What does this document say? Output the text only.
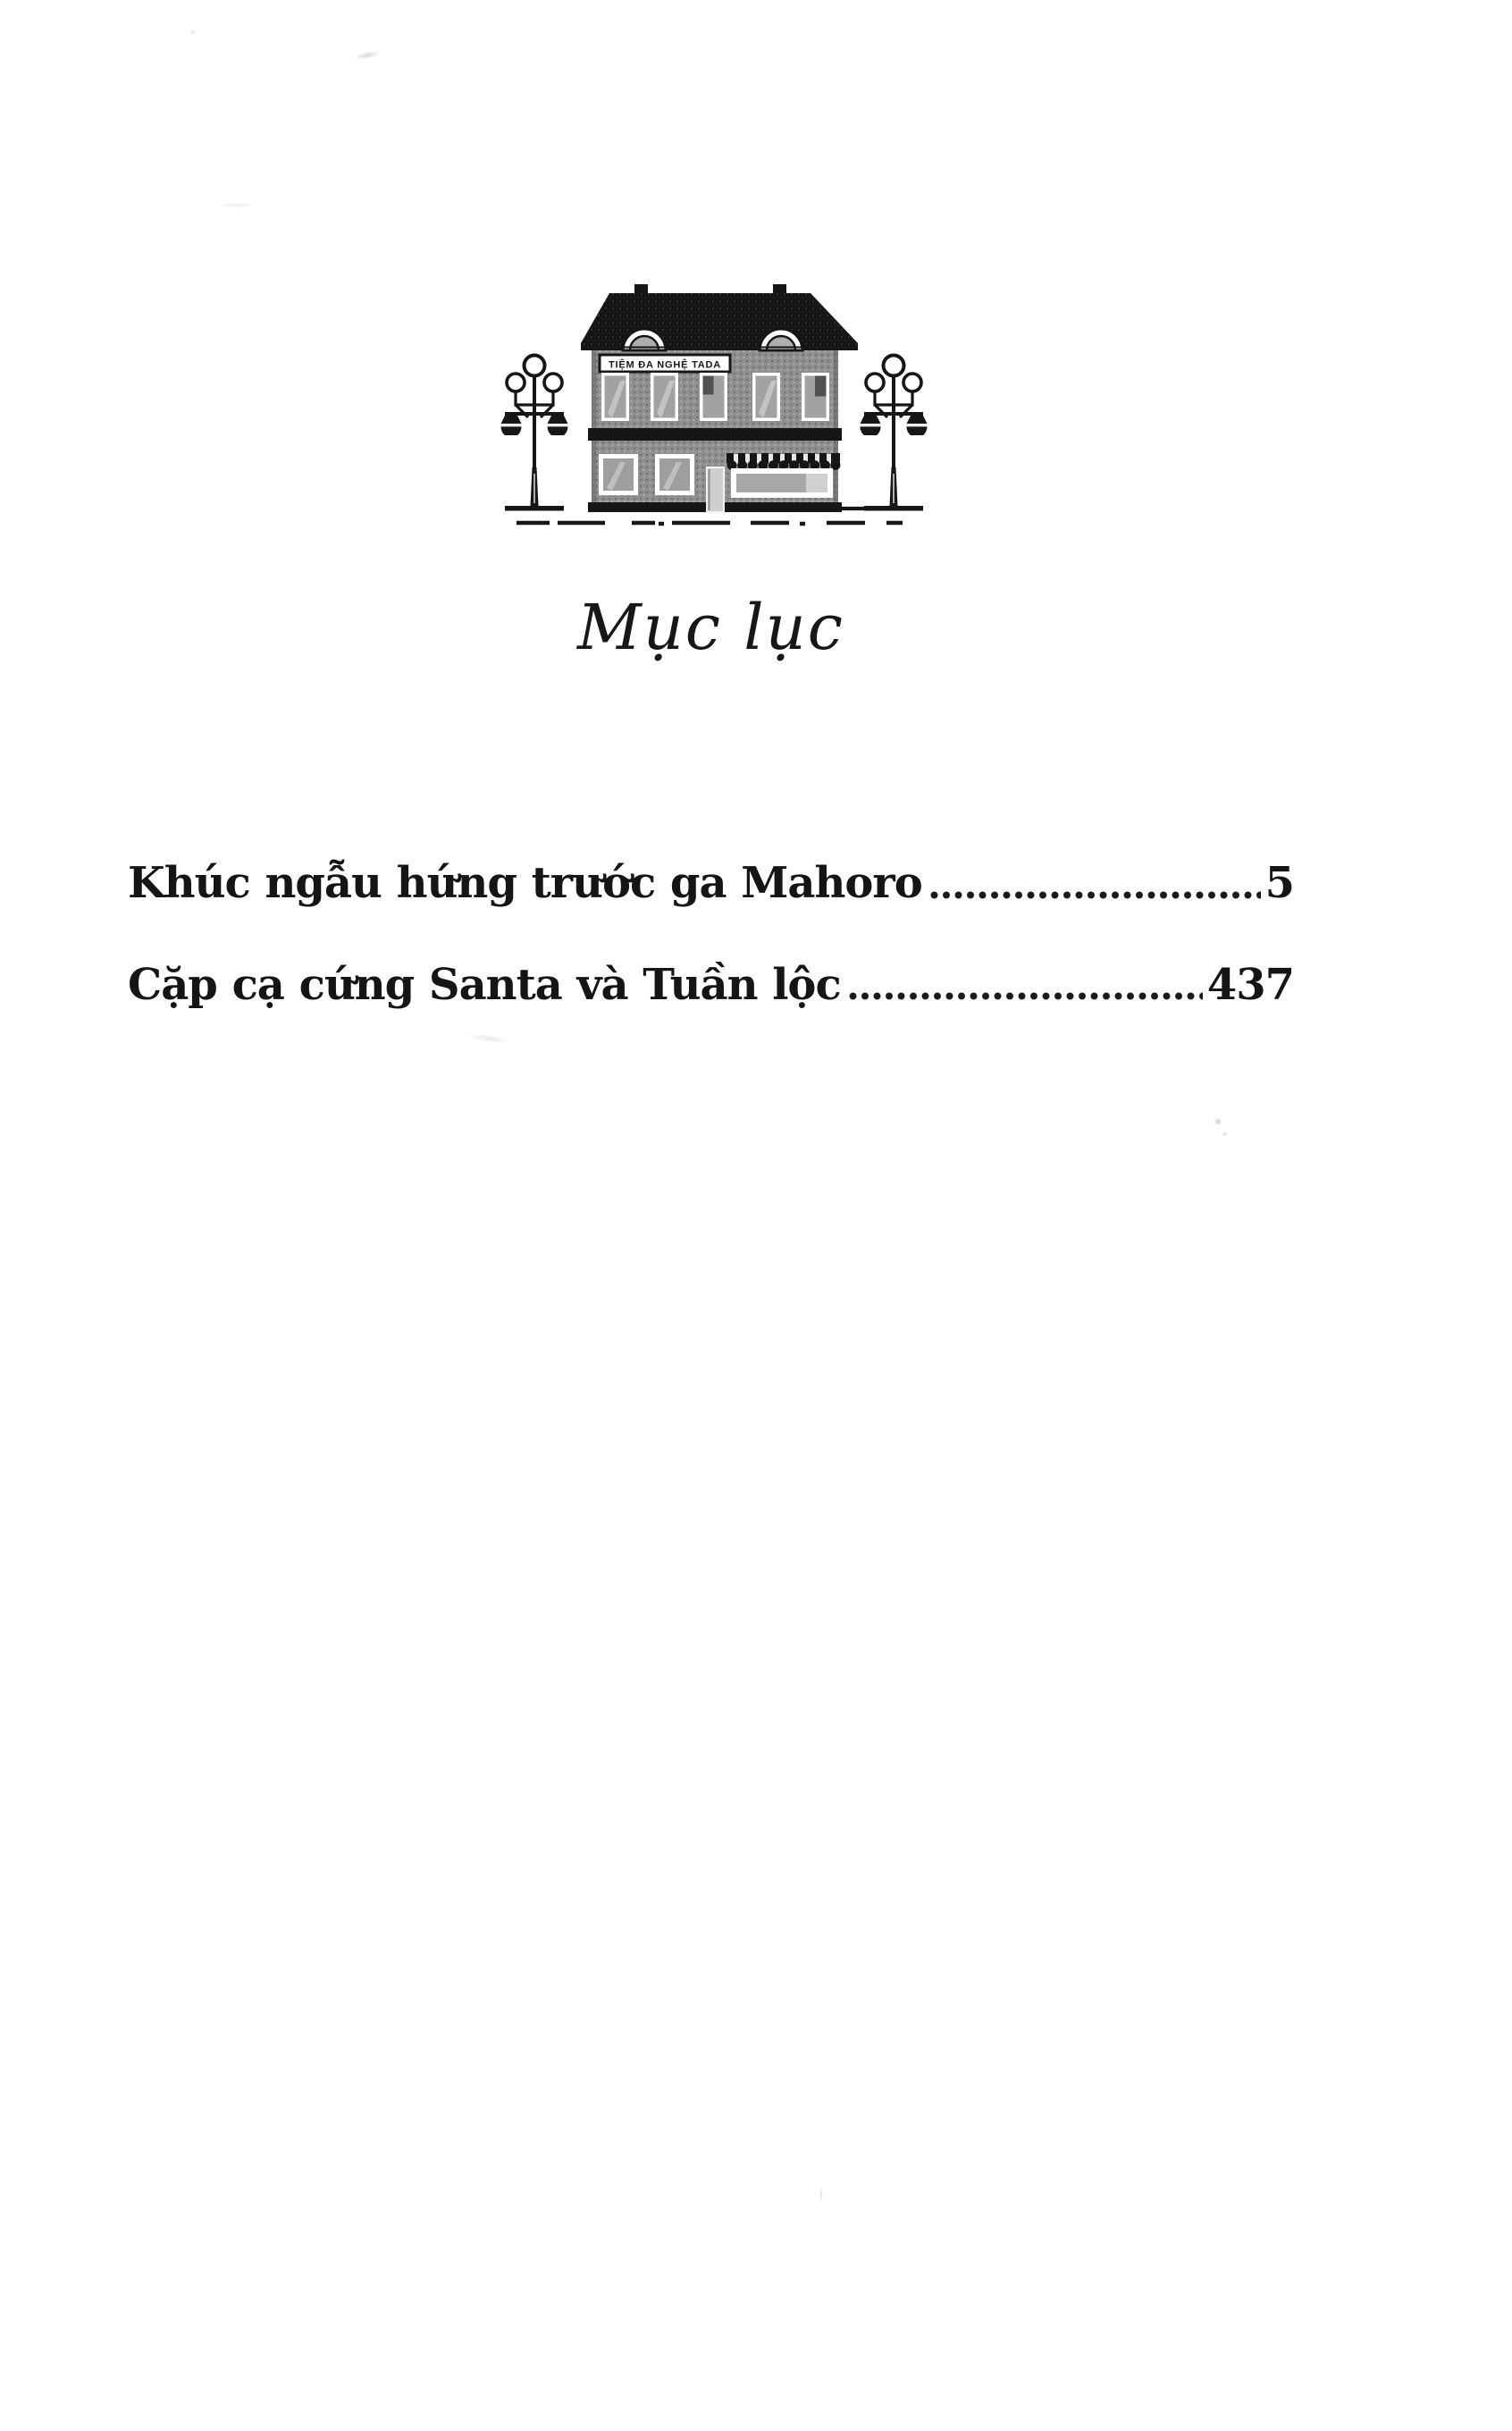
TIỆM ĐA NGHỆ TADA
Mục lục
Khúc ngẫu hứng trước ga Mahoro	5
Cặp cạ cứng Santa và Tuần lộc	437
